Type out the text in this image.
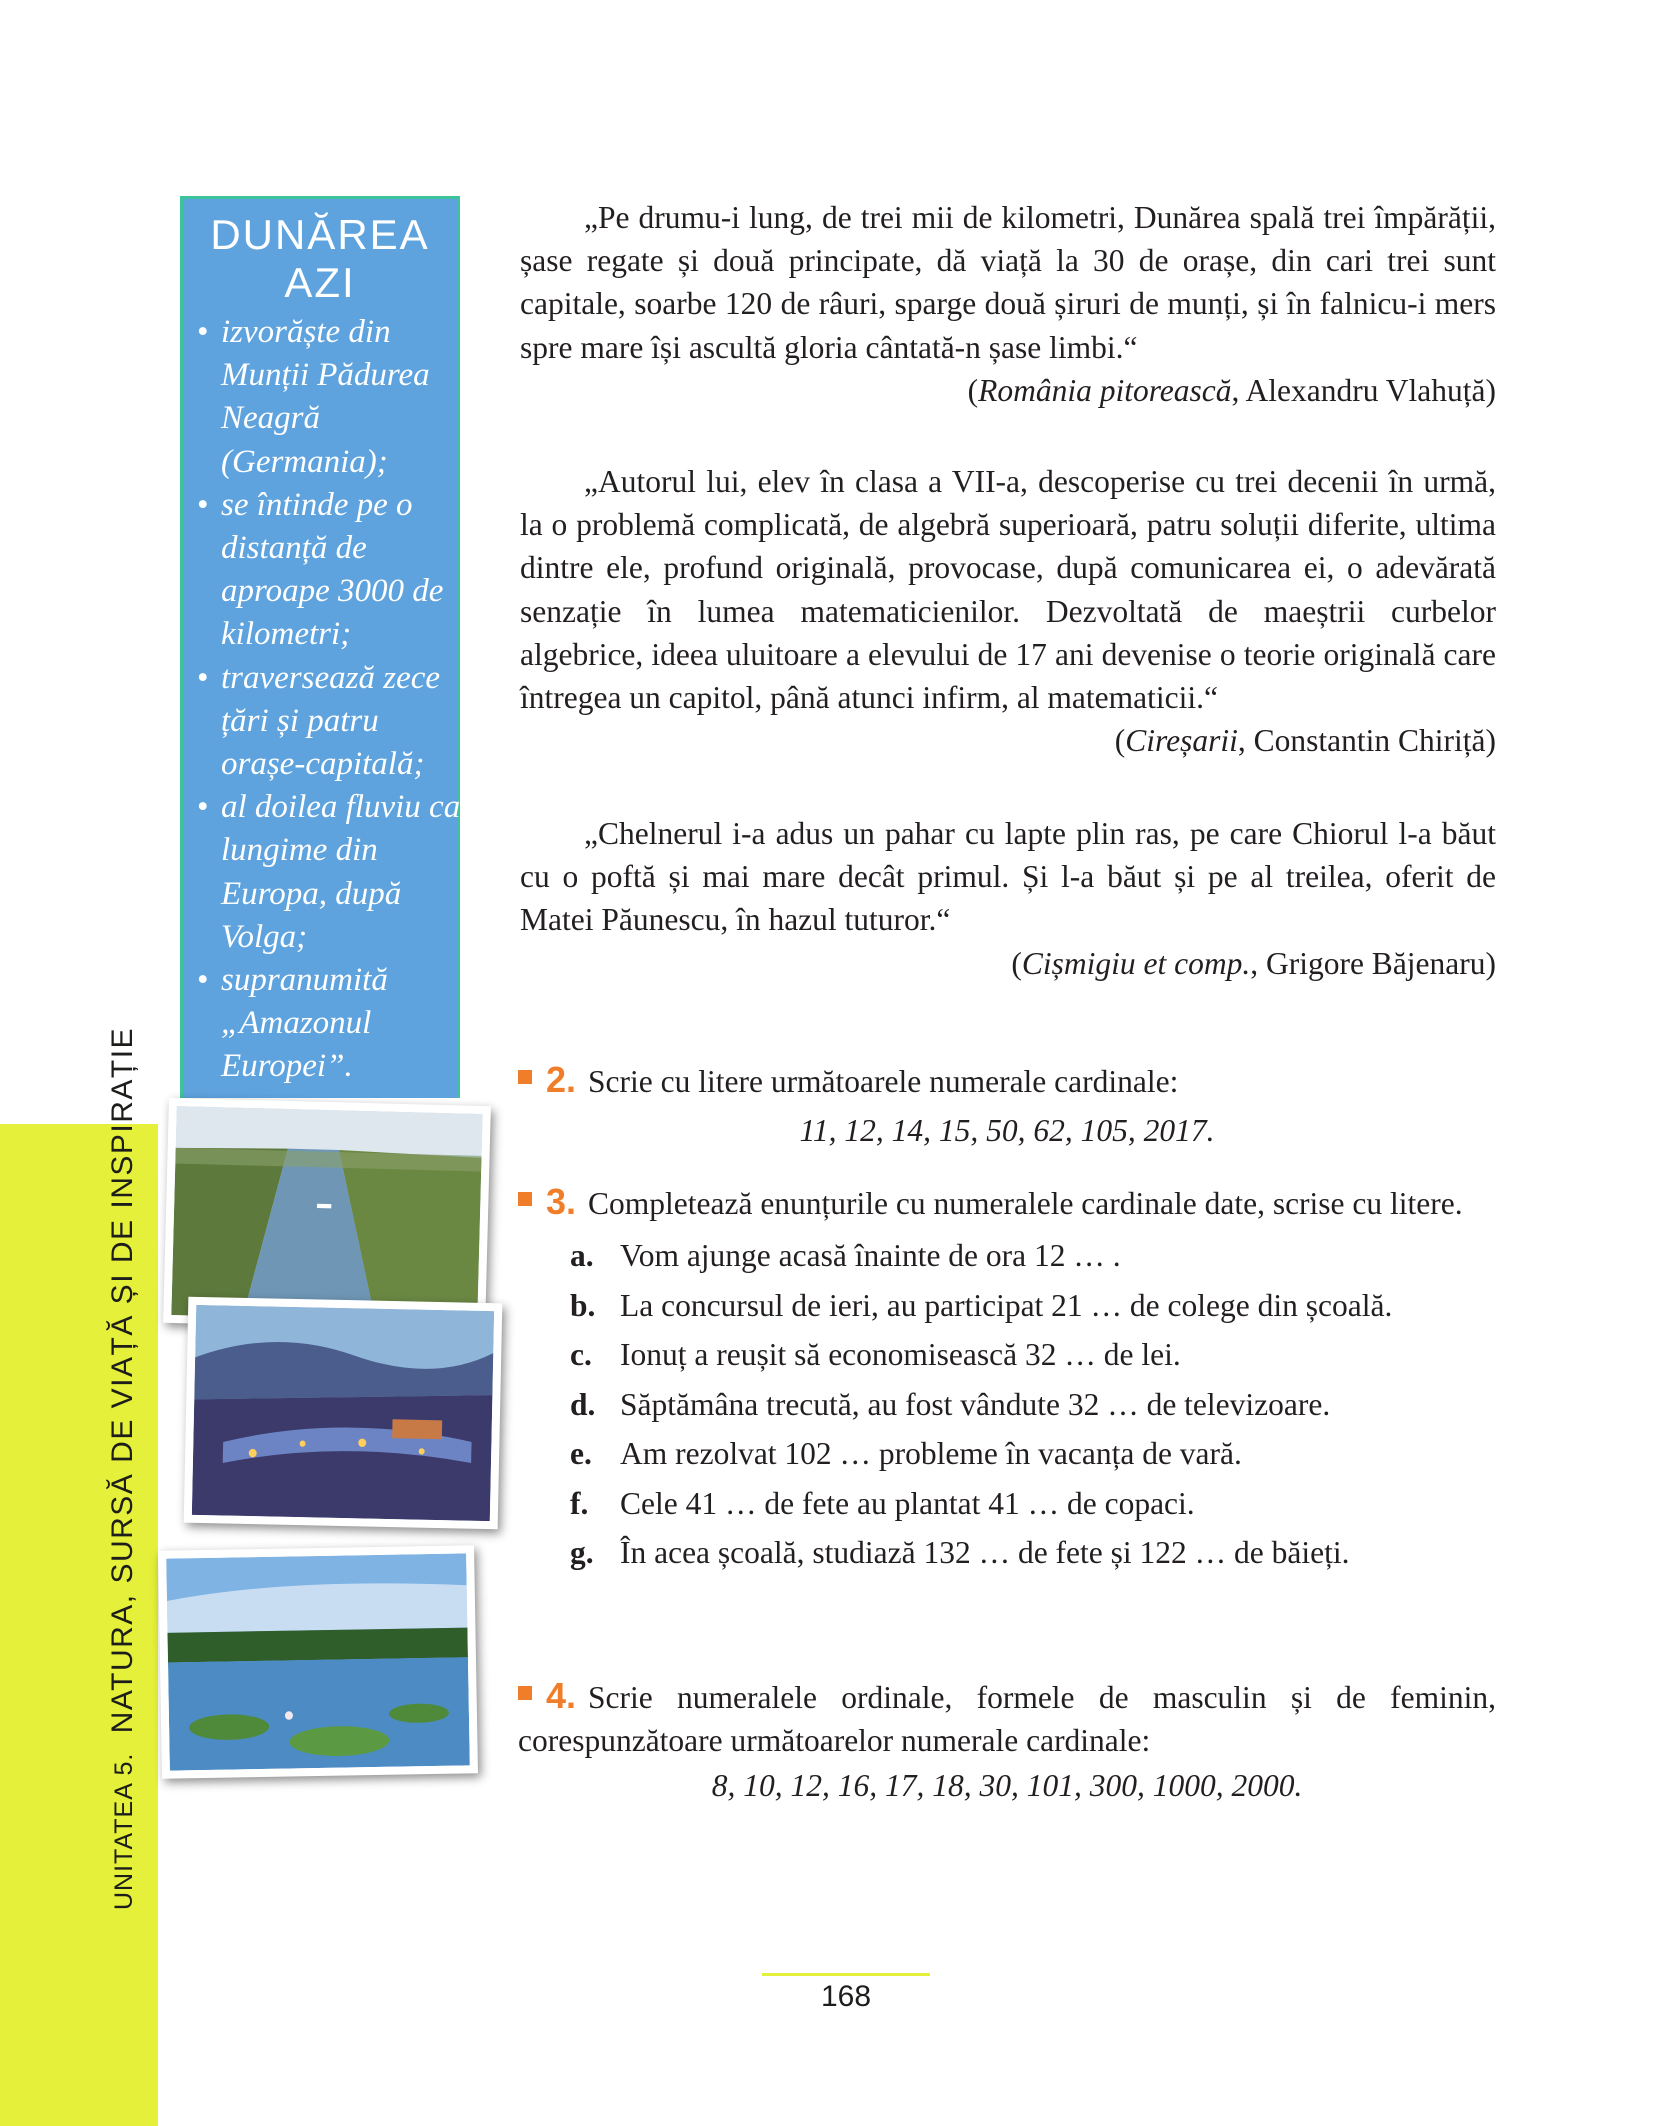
UNITATEA 5. NATURA, SURSĂ DE VIAȚĂ ȘI DE INSPIRAȚIE
DUNĂREA
AZI
• izvorăște din Munții Pădurea Neagră (Germania);
• se întinde pe o distanță de aproape 3000 de kilometri;
• traversează zece țări și patru orașe-capitală;
• al doilea fluviu ca lungime din Europa, după Volga;
• supranumită „Amazonul Europei”.

„Pe drumu-i lung, de trei mii de kilometri, Dunărea spală trei împărății, șase regate și două principate, dă viață la 30 de orașe, din cari trei sunt capitale, soarbe 120 de râuri, sparge două șiruri de munți, și în falnicu-i mers spre mare își ascultă gloria cântată-n șase limbi.“

(România pitorească, Alexandru Vlahuță)

„Autorul lui, elev în clasa a VII-a, descoperise cu trei decenii în urmă, la o problemă complicată, de algebră superioară, patru soluții diferite, ultima dintre ele, profund originală, provocase, după comunicarea ei, o adevărată senzație în lumea matematicienilor. Dezvoltată de maeștrii curbelor algebrice, ideea uluitoare a elevului de 17 ani devenise o teorie originală care întregea un capitol, până atunci infirm, al matematicii.“

(Cireșarii, Constantin Chiriță)

„Chelnerul i-a adus un pahar cu lapte plin ras, pe care Chiorul l-a băut cu o poftă și mai mare decât primul. Și l-a băut și pe al treilea, oferit de Matei Păunescu, în hazul tuturor.“

(Cișmigiu et comp., Grigore Băjenaru)
2. Scrie cu litere următoarele numerale cardinale:
11, 12, 14, 15, 50, 62, 105, 2017.
3. Completează enunțurile cu numeralele cardinale date, scrise cu litere.
a. Vom ajunge acasă înainte de ora 12 … .
b. La concursul de ieri, au participat 21 … de colege din școală.
c. Ionuț a reușit să economisească 32 … de lei.
d. Săptămâna trecută, au fost vândute 32 … de televizoare.
e. Am rezolvat 102 … probleme în vacanța de vară.
f. Cele 41 … de fete au plantat 41 … de copaci.
g. În acea școală, studiază 132 … de fete și 122 … de băieți.
4. Scrie numeralele ordinale, formele de masculin și de feminin, corespunzătoare următoarelor numerale cardinale:
8, 10, 12, 16, 17, 18, 30, 101, 300, 1000, 2000.
168
